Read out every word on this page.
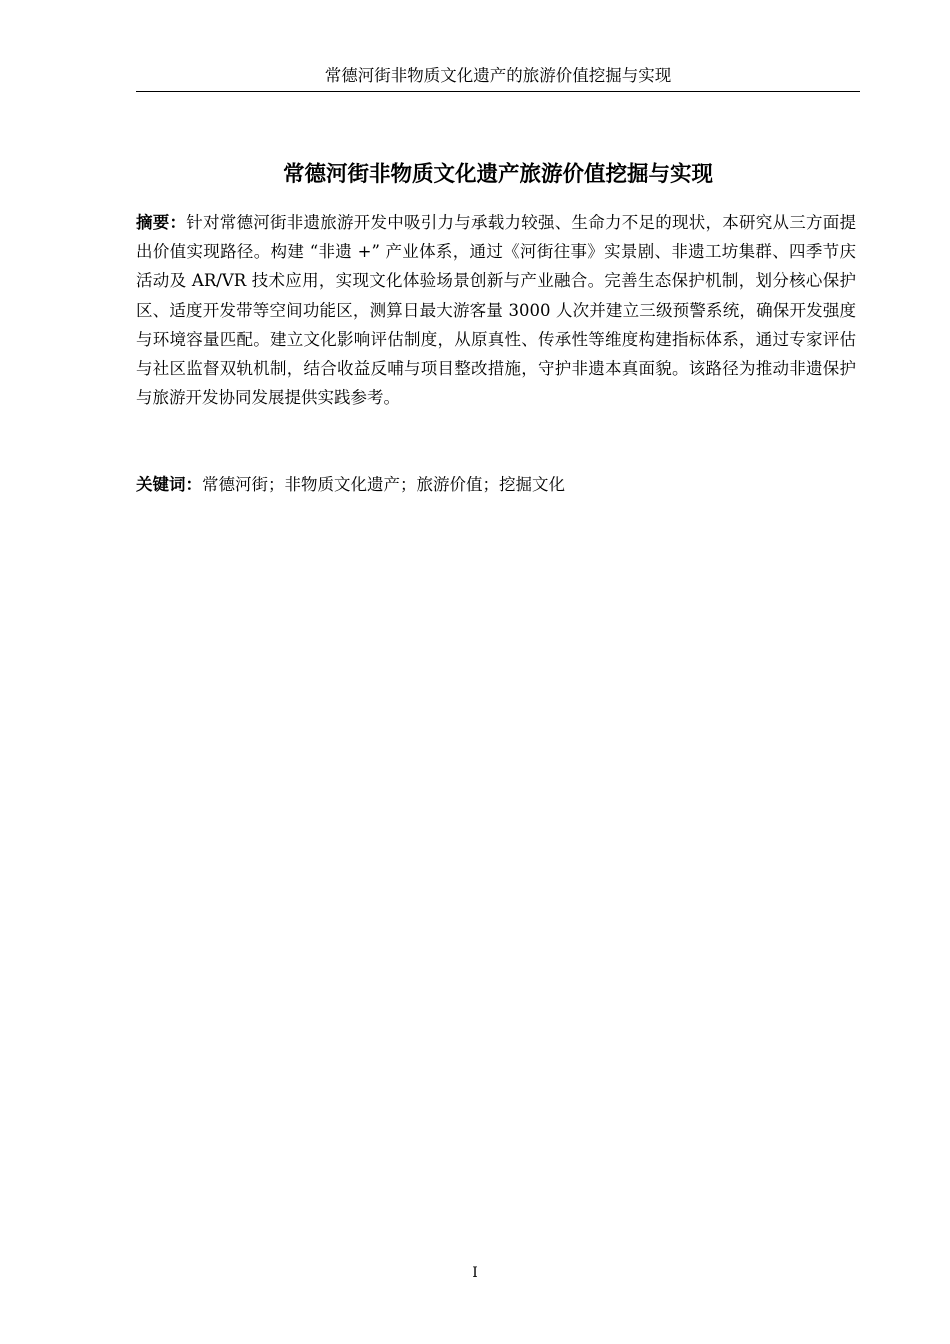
常德河街非物质文化遗产的旅游价值挖掘与实现
常德河街非物质文化遗产旅游价值挖掘与实现

摘要：针对常德河街非遗旅游开发中吸引力与承载力较强、生命力不足的现状，本研究从三方面提出价值实现路径。构建 “非遗 +” 产业体系，通过《河街往事》实景剧、非遗工坊集群、四季节庆活动及 AR/VR 技术应用，实现文化体验场景创新与产业融合。完善生态保护机制，划分核心保护区、适度开发带等空间功能区，测算日最大游客量 3000 人次并建立三级预警系统，确保开发强度与环境容量匹配。建立文化影响评估制度，从原真性、传承性等维度构建指标体系，通过专家评估与社区监督双轨机制，结合收益反哺与项目整改措施，守护非遗本真面貌。该路径为推动非遗保护与旅游开发协同发展提供实践参考。

关键词：常德河街；非物质文化遗产；旅游价值；挖掘文化

I
